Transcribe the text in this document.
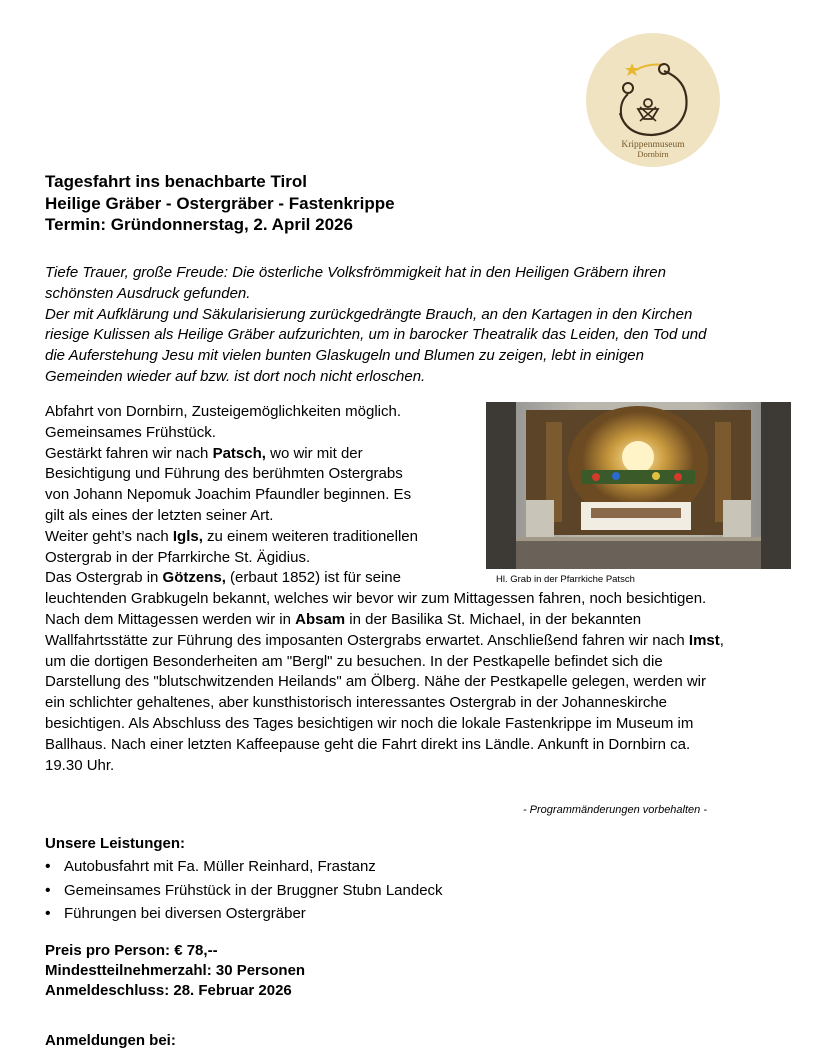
Krippenmuseum
Dornbirn
Tagesfahrt ins benachbarte Tirol
Heilige Gräber - Ostergräber - Fastenkrippe
Termin: Gründonnerstag, 2. April 2026
Tiefe Trauer, große Freude: Die österliche Volksfrömmigkeit hat in den Heiligen Gräbern ihren schönsten Ausdruck gefunden.
Der mit Aufklärung und Säkularisierung zurückgedrängte Brauch, an den Kartagen in den Kirchen riesige Kulissen als Heilige Gräber aufzurichten, um in barocker Theatralik das Leiden, den Tod und die Auferstehung Jesu mit vielen bunten Glaskugeln und Blumen zu zeigen, lebt in einigen Gemeinden wieder auf bzw. ist dort noch nicht erloschen.
Hl. Grab in der Pfarrkiche Patsch
Abfahrt von Dornbirn, Zusteigemöglichkeiten möglich.
Gemeinsames Frühstück.
Gestärkt fahren wir nach Patsch, wo wir mit der
Besichtigung und Führung des berühmten Ostergrabs
von Johann Nepomuk Joachim Pfaundler beginnen. Es
gilt als eines der letzten seiner Art.
Weiter geht’s nach Igls, zu einem weiteren traditionellen
Ostergrab in der Pfarrkirche St. Ägidius.
Das Ostergrab in Götzens, (erbaut 1852) ist für seine
leuchtenden Grabkugeln bekannt, welches wir bevor wir zum Mittagessen fahren, noch besichtigen.
Nach dem Mittagessen werden wir in Absam in der Basilika St. Michael, in der bekannten Wallfahrtsstätte zur Führung des imposanten Ostergrabs erwartet. Anschließend fahren wir nach Imst, um die dortigen Besonderheiten am "Bergl" zu besuchen. In der Pestkapelle befindet sich die Darstellung des "blutschwitzenden Heilands" am Ölberg. Nähe der Pestkapelle gelegen, werden wir ein schlichter gehaltenes, aber kunsthistorisch interessantes Ostergrab in der Johanneskirche besichtigen. Als Abschluss des Tages besichtigen wir noch die lokale Fastenkrippe im Museum im Ballhaus. Nach einer letzten Kaffeepause geht die Fahrt direkt ins Ländle. Ankunft in Dornbirn ca. 19.30 Uhr.
- Programmänderungen vorbehalten -
Unsere Leistungen:
• Autobusfahrt mit Fa. Müller Reinhard, Frastanz
• Gemeinsames Frühstück in der Bruggner Stubn Landeck
• Führungen bei diversen Ostergräber
Preis pro Person: € 78,--
Mindestteilnehmerzahl: 30 Personen
Anmeldeschluss: 28. Februar 2026
Anmeldungen bei:
